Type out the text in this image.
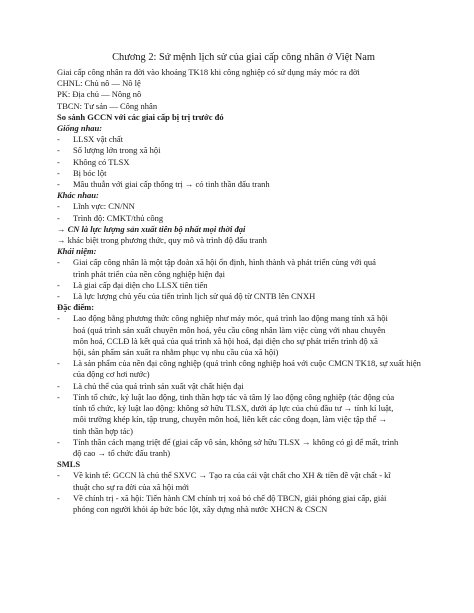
Chương 2: Sứ mệnh lịch sử của giai cấp công nhân ở Việt Nam

Giai cấp công nhân ra đời vào khoảng TK18 khi công nghiệp có sử dụng máy móc ra đời

CHNL: Chủ nô — Nô lệ

PK: Địa chủ — Nông nô

TBCN: Tư sản — Công nhân

So sánh GCCN với các giai cấp bị trị trước đó

Giống nhau:

- LLSX vật chất
- Số lượng lớn trong xã hội
- Không có TLSX
- Bị bóc lột
- Mâu thuẫn với giai cấp thống trị → có tinh thần đấu tranh

Khác nhau:

- Lĩnh vực: CN/NN
- Trình độ: CMKT/thủ công

→ CN là lực lượng sản xuất tiên bộ nhất mọi thời đại

→ khác biệt trong phương thức, quy mô và trình độ đấu tranh

Khái niệm:

- Giai cấp công nhân là một tập đoàn xã hội ổn định, hình thành và phát triển cùng với quá
trình phát triển của nền công nghiệp hiện đại
- Là giai cấp đại diện cho LLSX tiên tiến
- Là lực lượng chủ yếu của tiến trình lịch sử quá độ từ CNTB lên CNXH

Đặc điểm:

- Lao động bằng phương thức công nghiệp như máy móc, quá trình lao động mang tính xã hội
hoá (quá trình sản xuất chuyên môn hoá, yêu cầu công nhân làm việc cùng với nhau chuyên
môn hoá, CCLĐ là kết quả của quá trình xã hội hoá, đại diện cho sự phát triển trình độ xã
hội, sản phẩm sản xuất ra nhằm phục vụ nhu cầu của xã hội)
- Là sản phẩm của nền đại công nghiệp (quá trình công nghiệp hoá với cuộc CMCN TK18, sự xuất hiện
của động cơ hơi nước)
- Là chủ thể của quá trình sản xuất vật chất hiện đại
- Tính tổ chức, kỷ luật lao động, tinh thần hợp tác và tâm lý lao động công nghiệp (tác động của
tính tổ chức, kỷ luật lao động: không sở hữu TLSX, dưới áp lực của chủ đầu tư → tính kỉ luật,
môi trường khép kín, tập trung, chuyên môn hoá, liên kết các công đoạn, làm việc tập thể →
tinh thần hợp tác)
- Tính thần cách mạng triệt để (giai cấp vô sản, không sở hữu TLSX → không có gì để mất, trình
độ cao → tổ chức đấu tranh)

SMLS

- Về kinh tế: GCCN là chủ thể SXVC → Tạo ra của cải vật chất cho XH & tiền đề vật chất - kĩ
thuật cho sự ra đời của xã hội mới
- Về chính trị - xã hội: Tiến hành CM chính trị xoá bỏ chế độ TBCN, giải phóng giai cấp, giải
phóng con người khỏi áp bức bóc lột, xây dựng nhà nước XHCN & CSCN
